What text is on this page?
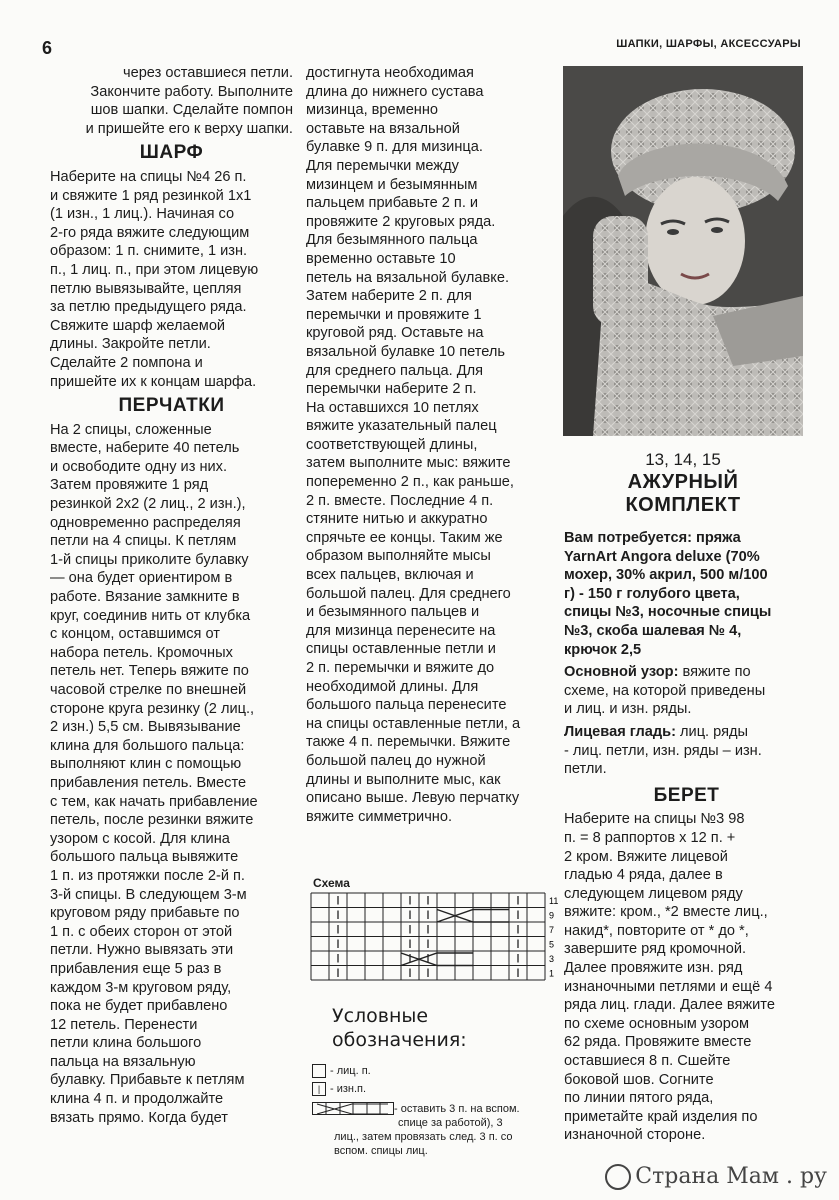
6	ШАПКИ, ШАРФЫ, АКСЕССУАРЫ
через оставшиеся петли.
Закончите работу. Выполните
шов шапки. Сделайте помпон
и пришейте его к верху шапки.
ШАРФ
Наберите на спицы №4 26 п.
и свяжите 1 ряд резинкой 1х1
(1 изн., 1 лиц.). Начиная со
2-го ряда вяжите следующим
образом: 1 п. снимите, 1 изн.
п., 1 лиц. п., при этом лицевую
петлю вывязывайте, цепляя
за петлю предыдущего ряда.
Свяжите шарф желаемой
длины. Закройте петли.
Сделайте 2 помпона и
пришейте их к концам шарфа.
ПЕРЧАТКИ
На 2 спицы, сложенные
вместе, наберите 40 петель
и освободите одну из них.
Затем провяжите 1 ряд
резинкой 2х2 (2 лиц., 2 изн.),
одновременно распределяя
петли на 4 спицы. К петлям
1-й спицы приколите булавку
— она будет ориентиром в
работе. Вязание замкните в
круг, соединив нить от клубка
с концом, оставшимся от
набора петель. Кромочных
петель нет. Теперь вяжите по
часовой стрелке по внешней
стороне круга резинку (2 лиц.,
2 изн.) 5,5 см. Вывязывание
клина для большого пальца:
выполняют клин с помощью
прибавления петель. Вместе
с тем, как начать прибавление
петель, после резинки вяжите
узором с косой. Для клина
большого пальца вывяжите
1 п. из протяжки после 2-й п.
3-й спицы. В следующем 3-м
круговом ряду прибавьте по
1 п. с обеих сторон от этой
петли. Нужно вывязать эти
прибавления еще 5 раз в
каждом 3-м круговом ряду,
пока не будет прибавлено
12 петель. Перенести
петли клина большого
пальца на вязальную
булавку. Прибавьте к петлям
клина 4 п. и продолжайте
вязать прямо. Когда будет
достигнута необходимая
длина до нижнего сустава
мизинца, временно
оставьте на вязальной
булавке 9 п. для мизинца.
Для перемычки между
мизинцем и безымянным
пальцем прибавьте 2 п. и
провяжите 2 круговых ряда.
Для безымянного пальца
временно оставьте 10
петель на вязальной булавке.
Затем наберите 2 п. для
перемычки и провяжите 1
круговой ряд. Оставьте на
вязальной булавке 10 петель
для среднего пальца. Для
перемычки наберите 2 п.
На оставшихся 10 петлях
вяжите указательный палец
соответствующей длины,
затем выполните мыс: вяжите
попеременно 2 п., как раньше,
2 п. вместе. Последние 4 п.
стяните нитью и аккуратно
спрячьте ее концы. Таким же
образом выполняйте мысы
всех пальцев, включая и
большой палец. Для среднего
и безымянного пальцев и
для мизинца перенесите на
спицы оставленные петли и
2 п. перемычки и вяжите до
необходимой длины. Для
большого пальца перенесите
на спицы оставленные петли, а
также 4 п. перемычки. Вяжите
большой палец до нужной
длины и выполните мыс, как
описано выше. Левую перчатку
вяжите симметрично.
13, 14, 15
АЖУРНЫЙ
КОМПЛЕКТ
Вам потребуется: пряжа
YarnArt Angora deluxe (70%
мохер, 30% акрил, 500 м/100
г) - 150 г голубого цвета,
спицы №3, носочные спицы
№3, скоба шалевая № 4,
крючок 2,5
Основной узор: вяжите по
схеме, на которой приведены
и лиц. и изн. ряды.
Лицевая гладь: лиц. ряды
- лиц. петли, изн. ряды – изн.
петли.
БЕРЕТ
Наберите на спицы №3 98
п. = 8 раппортов х 12 п. +
2 кром. Вяжите лицевой
гладью 4 ряда, далее в
следующем лицевом ряду
вяжите: кром., *2 вместе лиц.,
накид*, повторите от * до *,
завершите ряд кромочной.
Далее провяжите изн. ряд
изнаночными петлями и ещё 4
ряда лиц. глади. Далее вяжите
по схеме основным узором
62 ряда. Провяжите вместе
оставшиеся 8 п. Сшейте
боковой шов. Согните
по линии пятого ряда,
приметайте край изделия по
изнаночной стороне.
Схема
11
9
7
5
3
1
Условные
обозначения:
- лиц. п.
| - изн.п.
- оставить 3 п. на вспом.
спице за работой), 3
лиц., затем провязать след. 3 п. со
вспом. спицы лиц.
Страна Мам . ру
